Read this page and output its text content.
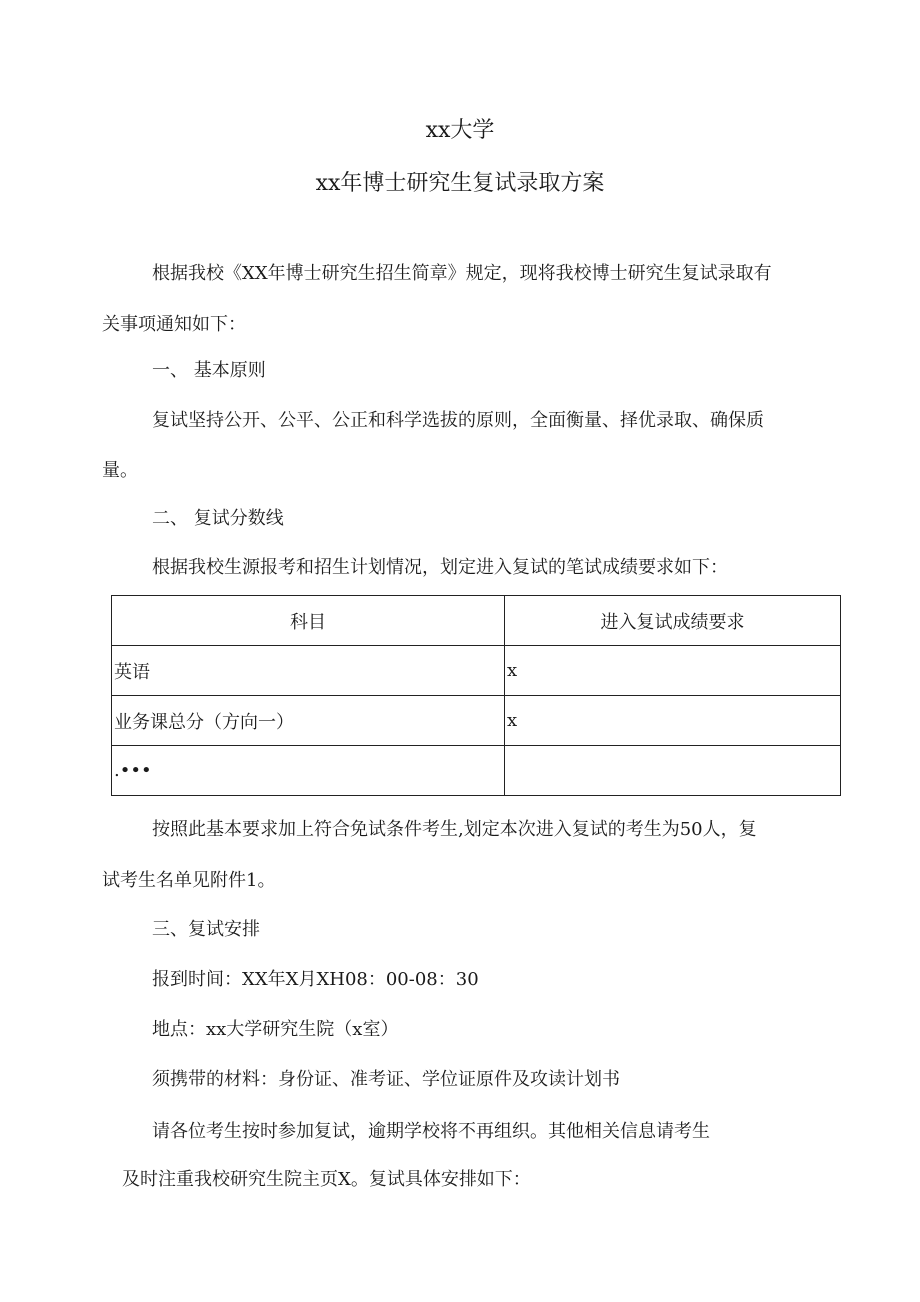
xx大学
xx年博士研究生复试录取方案
根据我校《XX年博士研究生招生简章》规定，现将我校博士研究生复试录取有
关事项通知如下：
一、 基本原则
复试坚持公开、公平、公正和科学选拔的原则，全面衡量、择优录取、确保质
量。
二、 复试分数线
根据我校生源报考和招生计划情况，划定进入复试的笔试成绩要求如下：
科目	进入复试成绩要求
英语	x
业务课总分（方向一）	x
.•••	
按照此基本要求加上符合免试条件考生,划定本次进入复试的考生为50人，复
试考生名单见附件1。
三、复试安排
报到时间：XX年X月XH08：00-08：30
地点：xx大学研究生院（x室）
须携带的材料：身份证、准考证、学位证原件及攻读计划书
请各位考生按时参加复试，逾期学校将不再组织。其他相关信息请考生
及时注重我校研究生院主页X。复试具体安排如下：
